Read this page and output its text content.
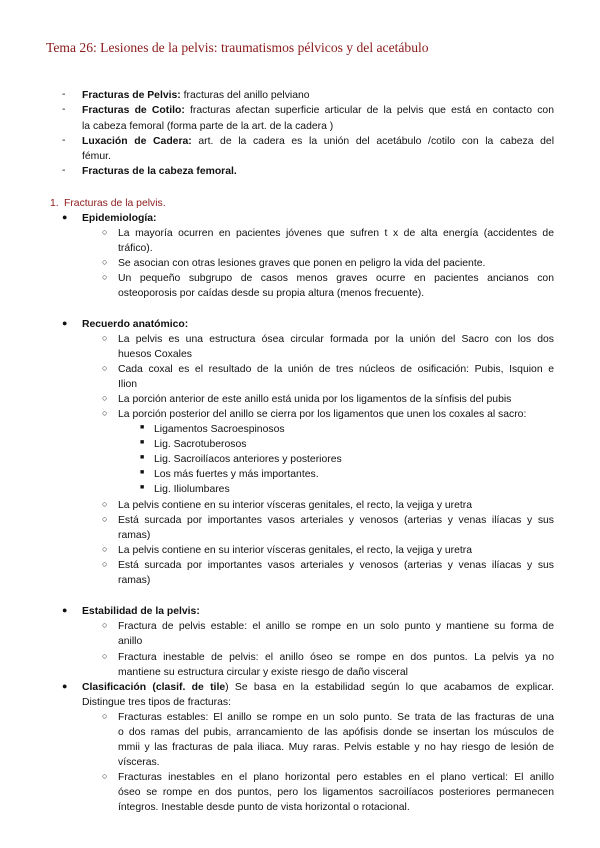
Tema 26: Lesiones de la pelvis: traumatismos pélvicos y del acetábulo
- Fracturas de Pelvis: fracturas del anillo pelviano
- Fracturas de Cotilo: fracturas afectan superficie articular de la pelvis que está en contacto con
la cabeza femoral (forma parte de la art. de la cadera )
- Luxación de Cadera: art. de la cadera es la unión del acetábulo /cotilo con la cabeza del
fémur.
- Fracturas de la cabeza femoral.
1. Fracturas de la pelvis.
● Epidemiología:
○ La mayoría ocurren en pacientes jóvenes que sufren t x de alta energía (accidentes de
tráfico).
○ Se asocian con otras lesiones graves que ponen en peligro la vida del paciente.
○ Un pequeño subgrupo de casos menos graves ocurre en pacientes ancianos con
osteoporosis por caídas desde su propia altura (menos frecuente).
● Recuerdo anatómico:
○ La pelvis es una estructura ósea circular formada por la unión del Sacro con los dos
huesos Coxales
○ Cada coxal es el resultado de la unión de tres núcleos de osificación: Pubis, Isquion e
Ilion
○ La porción anterior de este anillo está unida por los ligamentos de la sínfisis del pubis
○ La porción posterior del anillo se cierra por los ligamentos que unen los coxales al sacro:
■ Ligamentos Sacroespinosos
■ Lig. Sacrotuberosos
■ Lig. Sacroilíacos anteriores y posteriores
■ Los más fuertes y más importantes.
■ Lig. Iliolumbares
○ La pelvis contiene en su interior vísceras genitales, el recto, la vejiga y uretra
○ Está surcada por importantes vasos arteriales y venosos (arterias y venas ilíacas y sus
ramas)
○ La pelvis contiene en su interior vísceras genitales, el recto, la vejiga y uretra
○ Está surcada por importantes vasos arteriales y venosos (arterias y venas ilíacas y sus
ramas)
● Estabilidad de la pelvis:
○ Fractura de pelvis estable: el anillo se rompe en un solo punto y mantiene su forma de
anillo
○ Fractura inestable de pelvis: el anillo óseo se rompe en dos puntos. La pelvis ya no
mantiene su estructura circular y existe riesgo de daño visceral
● Clasificación (clasif. de tile) Se basa en la estabilidad según lo que acabamos de explicar.
Distingue tres tipos de fracturas:
○ Fracturas estables: El anillo se rompe en un solo punto. Se trata de las fracturas de una
o dos ramas del pubis, arrancamiento de las apófisis donde se insertan los músculos de
mmii y las fracturas de pala iliaca. Muy raras. Pelvis estable y no hay riesgo de lesión de
vísceras.
○ Fracturas inestables en el plano horizontal pero estables en el plano vertical: El anillo
óseo se rompe en dos puntos, pero los ligamentos sacroilíacos posteriores permanecen
íntegros. Inestable desde punto de vista horizontal o rotacional.
